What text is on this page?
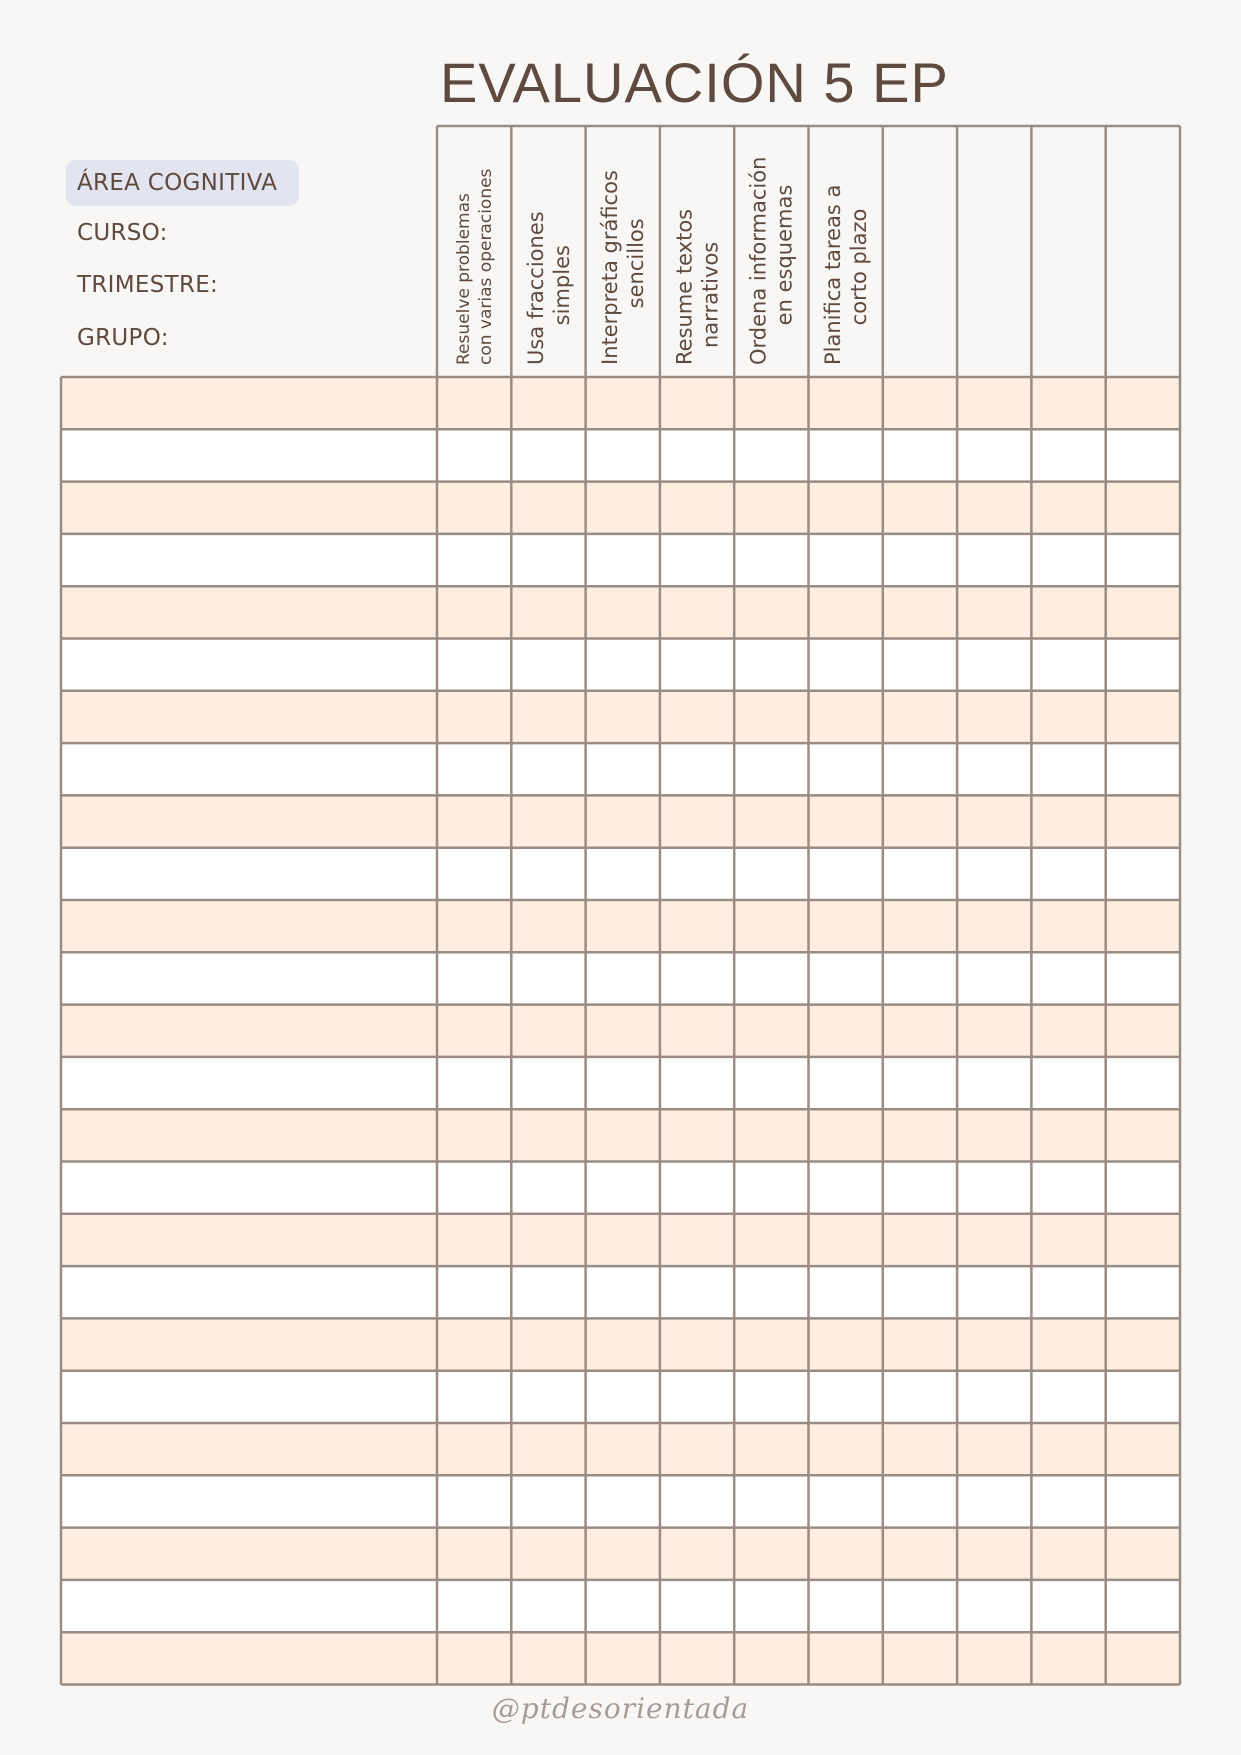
EVALUACIÓN 5 EP
ÁREA COGNITIVA
CURSO:
TRIMESTRE:
GRUPO:	Resuelve problemas con varias operaciones Usa fracciones simples Interpreta gráficos sencillos Resume textos narrativos Ordena información en esquemas Planifica tareas a corto plazo
@ptdesorientada
